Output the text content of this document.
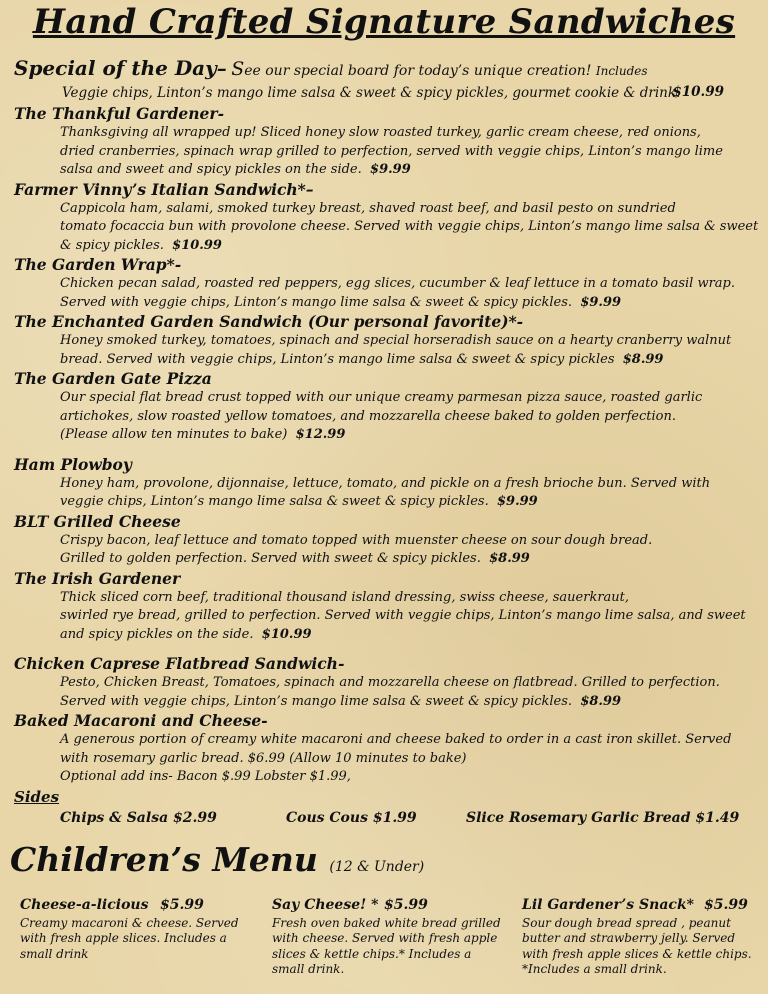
Hand Crafted Signature Sandwiches
Special of the Day– See our special board for today’s unique creation! Includes
Veggie chips, Linton’s mango lime salsa & sweet & spicy pickles, gourmet cookie & drink.
$10.99

The Thankful Gardener-

Thanksgiving all wrapped up! Sliced honey slow roasted turkey, garlic cream cheese, red onions,
dried cranberries, spinach wrap grilled to perfection, served with veggie chips, Linton’s mango lime
salsa and sweet and spicy pickles on the side. $9.99

Farmer Vinny’s Italian Sandwich*–

Cappicola ham, salami, smoked turkey breast, shaved roast beef, and basil pesto on sundried
tomato focaccia bun with provolone cheese. Served with veggie chips, Linton’s mango lime salsa & sweet
& spicy pickles. $10.99

The Garden Wrap*-

Chicken pecan salad, roasted red peppers, egg slices, cucumber & leaf lettuce in a tomato basil wrap.
Served with veggie chips, Linton’s mango lime salsa & sweet & spicy pickles. $9.99

The Enchanted Garden Sandwich (Our personal favorite)*-

Honey smoked turkey, tomatoes, spinach and special horseradish sauce on a hearty cranberry walnut
bread. Served with veggie chips, Linton’s mango lime salsa & sweet & spicy pickles $8.99

The Garden Gate Pizza

Our special flat bread crust topped with our unique creamy parmesan pizza sauce, roasted garlic
artichokes, slow roasted yellow tomatoes, and mozzarella cheese baked to golden perfection.
(Please allow ten minutes to bake) $12.99

Ham Plowboy

Honey ham, provolone, dijonnaise, lettuce, tomato, and pickle on a fresh brioche bun. Served with
veggie chips, Linton’s mango lime salsa & sweet & spicy pickles. $9.99

BLT Grilled Cheese

Crispy bacon, leaf lettuce and tomato topped with muenster cheese on sour dough bread.
Grilled to golden perfection. Served with sweet & spicy pickles. $8.99

The Irish Gardener

Thick sliced corn beef, traditional thousand island dressing, swiss cheese, sauerkraut,
swirled rye bread, grilled to perfection. Served with veggie chips, Linton’s mango lime salsa, and sweet
and spicy pickles on the side. $10.99

Chicken Caprese Flatbread Sandwich-

Pesto, Chicken Breast, Tomatoes, spinach and mozzarella cheese on flatbread. Grilled to perfection.
Served with veggie chips, Linton’s mango lime salsa & sweet & spicy pickles. $8.99

Baked Macaroni and Cheese-

A generous portion of creamy white macaroni and cheese baked to order in a cast iron skillet. Served
with rosemary garlic bread. $6.99 (Allow 10 minutes to bake)
Optional add ins- Bacon $.99 Lobster $1.99,

Sides
Chips & Salsa $2.99	Cous Cous $1.99	Slice Rosemary Garlic Bread $1.49
Children’s Menu (12 & Under)
Cheese-a-licious $5.99
Creamy macaroni & cheese. Served with fresh apple slices. Includes a small drink
Say Cheese! * $5.99
Fresh oven baked white bread grilled with cheese. Served with fresh apple slices & kettle chips.* Includes a small drink.
Lil Gardener’s Snack* $5.99
Sour dough bread spread , peanut butter and strawberry jelly. Served with fresh apple slices & kettle chips. *Includes a small drink.
